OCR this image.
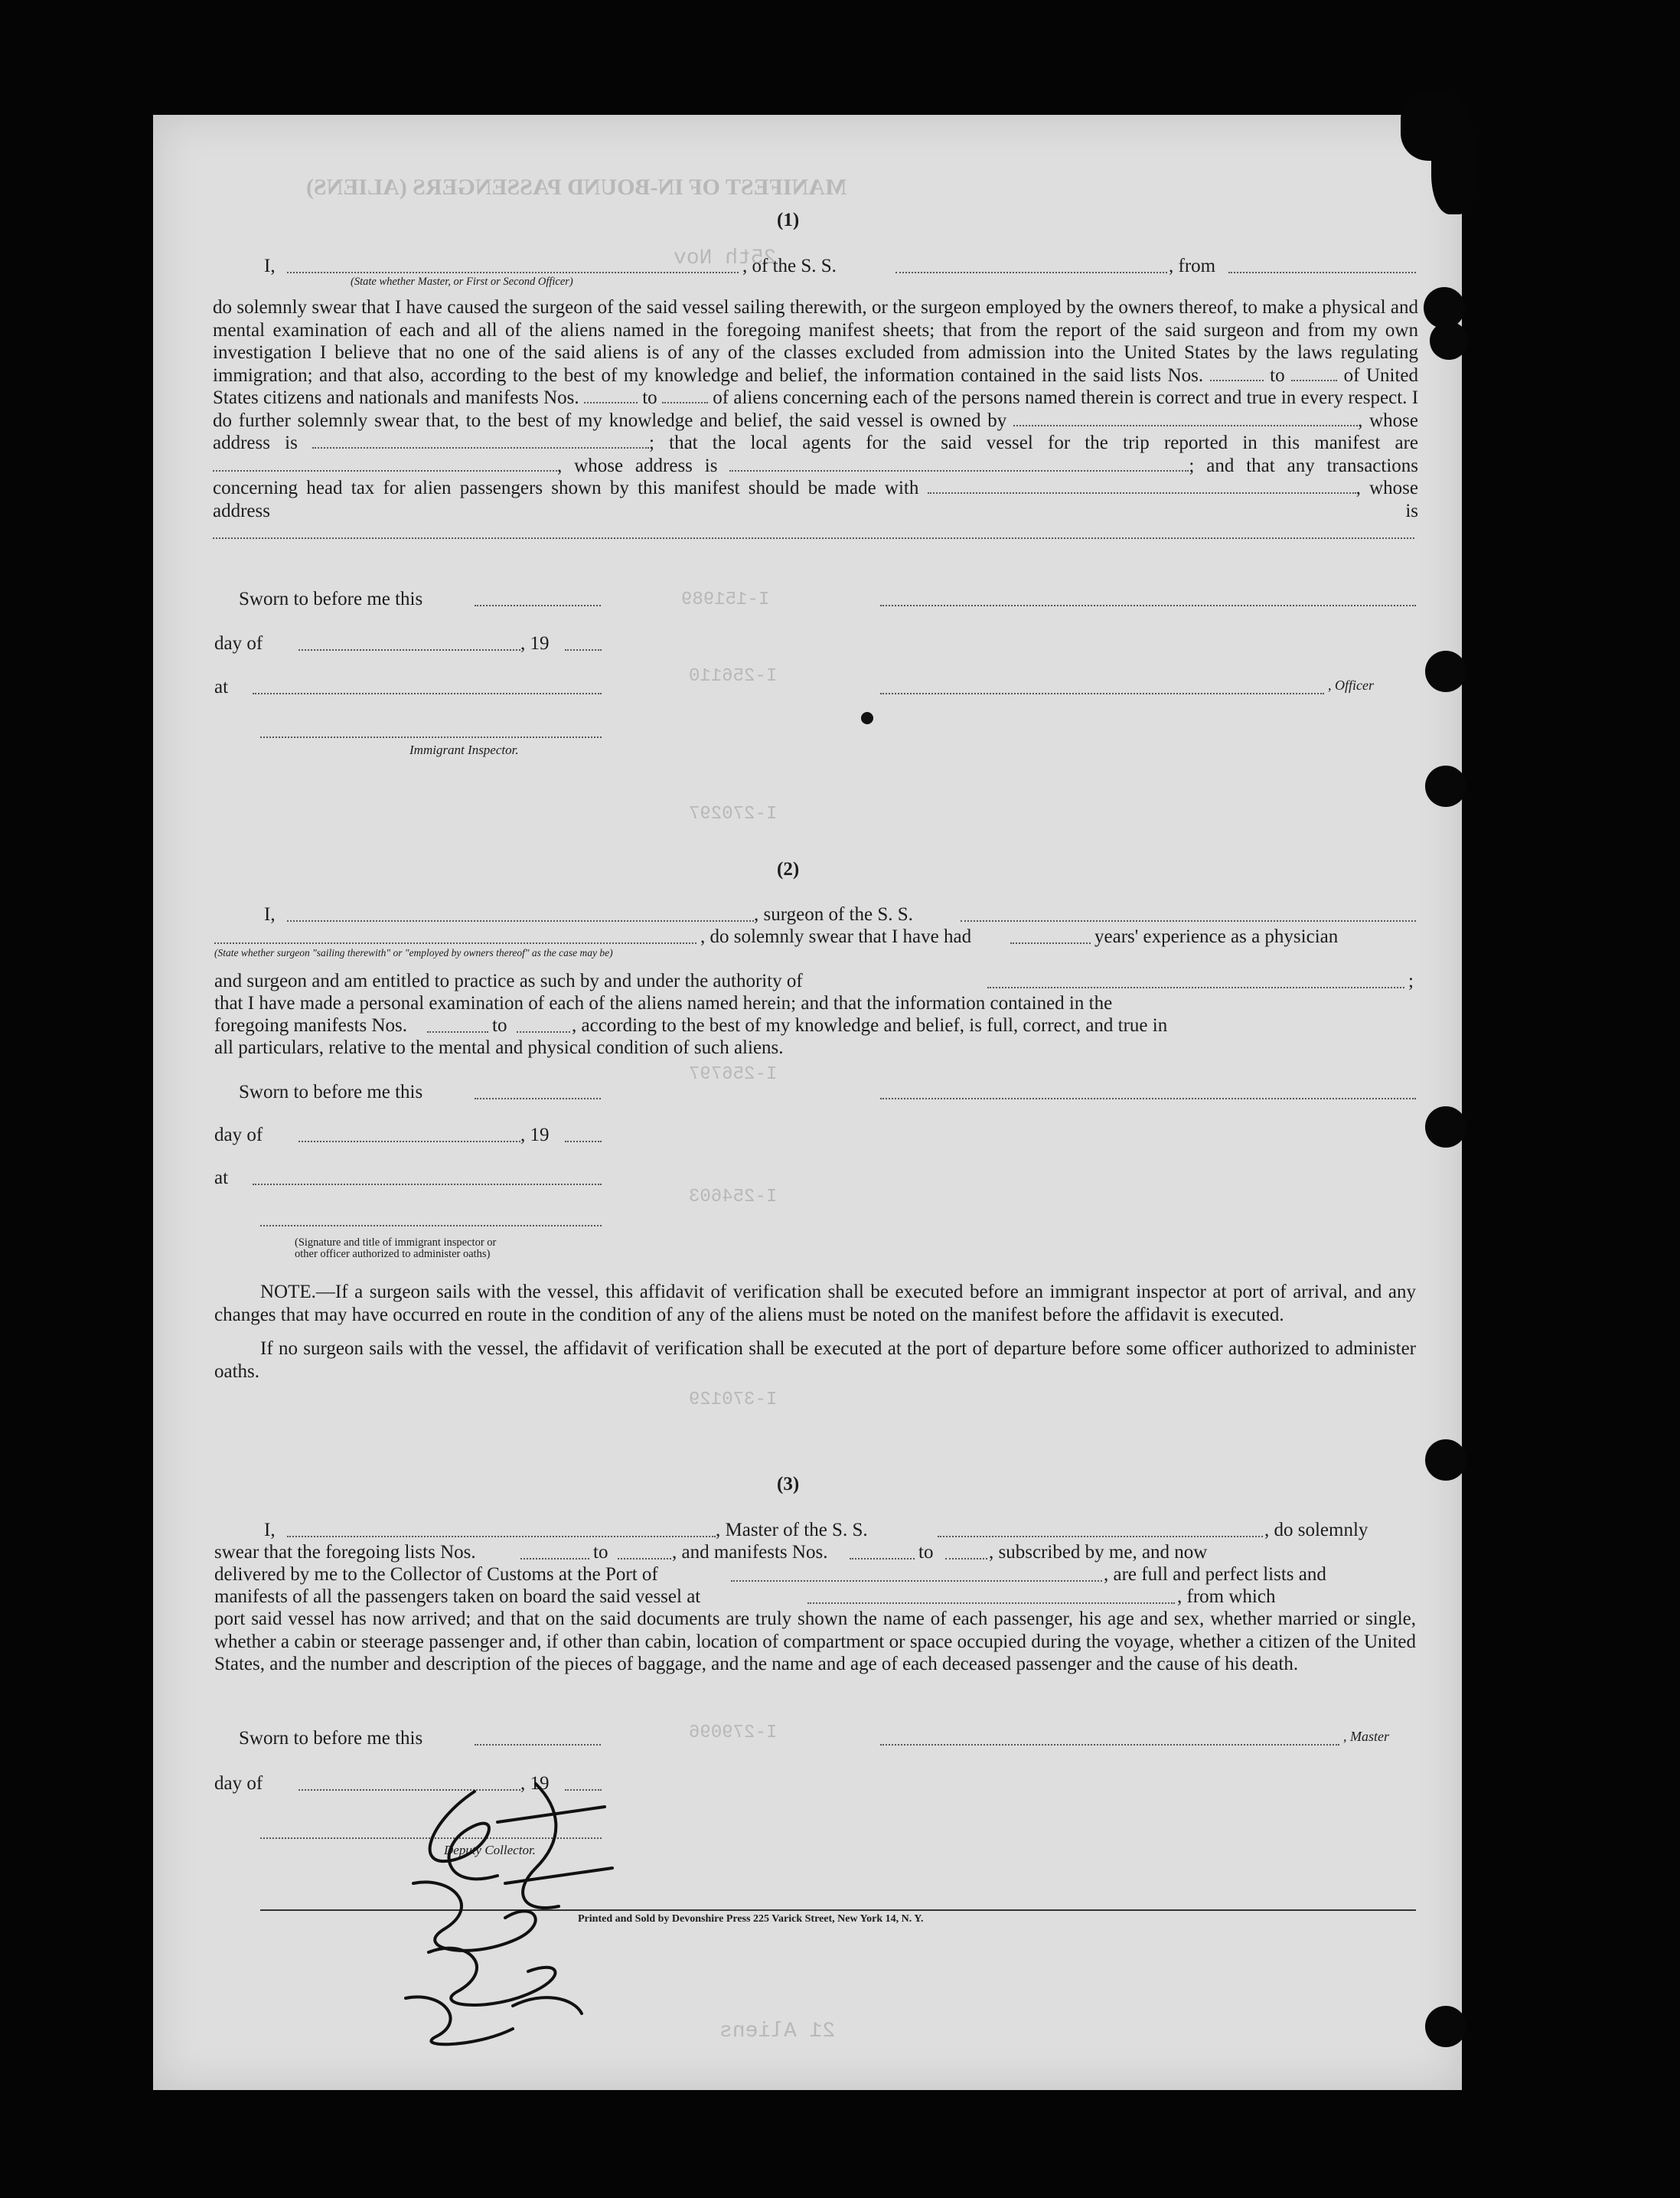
MANIFEST OF IN-BOUND PASSENGERS (ALIENS)
25th Nov
I-151989
I-256110
I-270297
I-256797
I-254603
I-370129
I-279096
21 Aliens
(1)
I,	, of the S. S.	, from
(State whether Master, or First or Second Officer)
do solemnly swear that I have caused the surgeon of the said vessel sailing therewith, or the surgeon employed by the owners thereof, to make a physical and mental examination of each and all of the aliens named in the foregoing manifest sheets; that from the report of the said surgeon and from my own investigation I believe that no one of the said aliens is of any of the classes excluded from admission into the United States by the laws regulating immigration; and that also, according to the best of my knowledge and belief, the information contained in the said lists Nos.	to	of United States citizens and nationals and manifests Nos.	to	of aliens concerning each of the persons named therein is correct and true in every respect. I do further solemnly swear that, to the best of my knowledge and belief, the said vessel is owned by	, whose address is	; that the local agents for the said vessel for the trip reported in this manifest are , whose address is	; and that any transactions concerning head tax for alien passengers shown by this manifest should be made with	, whose address is
Sworn to before me this
day of	, 19
at	, Officer
Immigrant Inspector.
(2)
I,	, surgeon of the S. S.
, do solemnly swear that I have had	years' experience as a physician
(State whether surgeon "sailing therewith" or "employed by owners thereof" as the case may be)
and surgeon and am entitled to practice as such by and under the authority of	;
that I have made a personal examination of each of the aliens named herein; and that the information contained in the
foregoing manifests Nos.	to	, according to the best of my knowledge and belief, is full, correct, and true in
all particulars, relative to the mental and physical condition of such aliens.
Sworn to before me this
day of	, 19
at
(Signature and title of immigrant inspector or
other officer authorized to administer oaths)
NOTE.—If a surgeon sails with the vessel, this affidavit of verification shall be executed before an immigrant inspector at port of arrival, and any changes that may have occurred en route in the condition of any of the aliens must be noted on the manifest before the affidavit is executed.
If no surgeon sails with the vessel, the affidavit of verification shall be executed at the port of departure before some officer authorized to administer oaths.
(3)
I,	, Master of the S. S.	, do solemnly
swear that the foregoing lists Nos.	to	, and manifests Nos.	to	, subscribed by me, and now
delivered by me to the Collector of Customs at the Port of	, are full and perfect lists and
manifests of all the passengers taken on board the said vessel at	, from which
port said vessel has now arrived; and that on the said documents are truly shown the name of each passenger, his age and sex, whether married or single, whether a cabin or steerage passenger and, if other than cabin, location of compartment or space occupied during the voyage, whether a citizen of the United States, and the number and description of the pieces of baggage, and the name and age of each deceased passenger and the cause of his death.
Sworn to before me this	, Master
day of	, 19
Deputy Collector.
Printed and Sold by Devonshire Press 225 Varick Street, New York 14, N. Y.
